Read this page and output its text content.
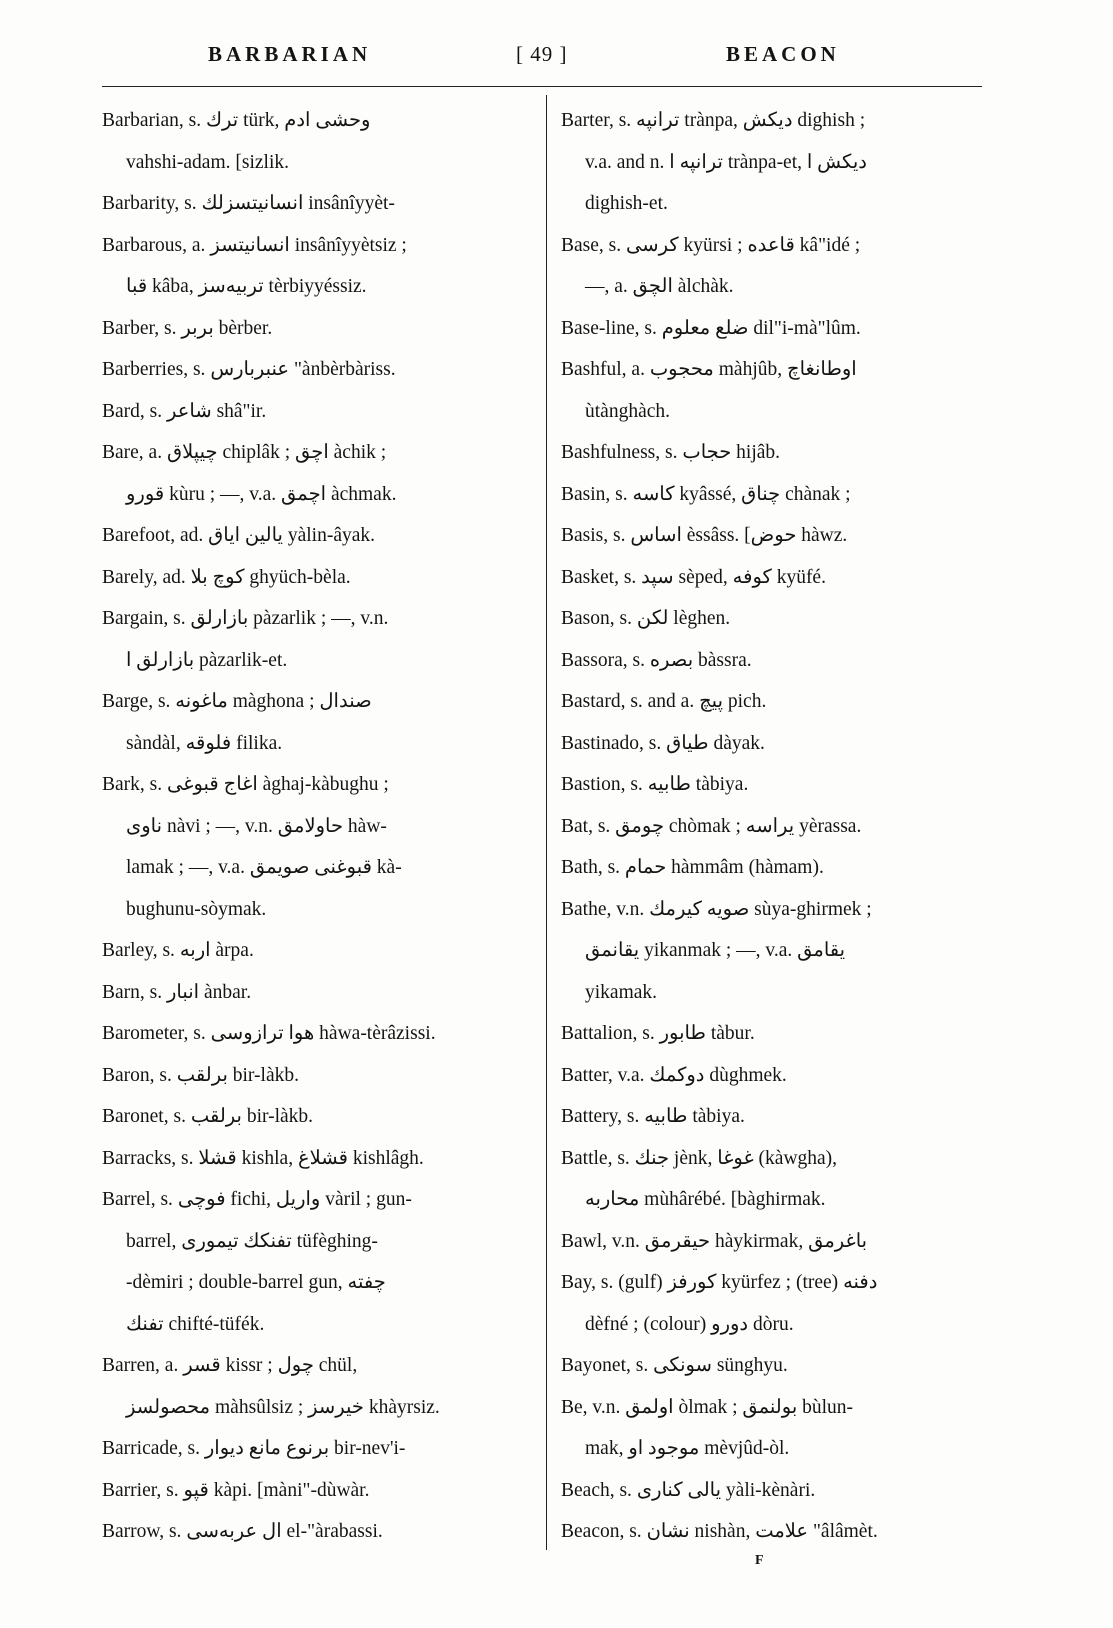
BARBARIAN	[ 49 ]	BEACON
Barbarian, s. ترك türk, وحشى ادم
vahshi-adam. [sizlik.
Barbarity, s. انسانيتسزلك insânîyyèt-
Barbarous, a. انسانيتسز insânîyyètsiz ;
قبا kâba, تربيه‌سز tèrbiyyéssiz.
Barber, s. بربر bèrber.
Barberries, s. عنبربارس "ànbèrbàriss.
Bard, s. شاعر shâ"ir.
Bare, a. چيپلاق chiplâk ; اچق àchik ;
قورو kùru ; —, v.a. اچمق àchmak.
Barefoot, ad. يالين اياق yàlin-âyak.
Barely, ad. كوچ بلا ghyüch-bèla.
Bargain, s. بازارلق pàzarlik ; —, v.n.
بازارلق ا pàzarlik-et.
Barge, s. ماغونه màghona ; صندال
sàndàl, فلوقه filika.
Bark, s. اغاج قبوغى àghaj-kàbughu ;
ناوى nàvi ; —, v.n. حاولامق hàw-
lamak ; —, v.a. قبوغنى صويمق kà-
bughunu-sòymak.
Barley, s. اربه àrpa.
Barn, s. انبار ànbar.
Barometer, s. هوا ترازوسى hàwa-tèrâzissi.
Baron, s. برلقب bir-làkb.
Baronet, s. برلقب bir-làkb.
Barracks, s. قشلا kishla, قشلاغ kishlâgh.
Barrel, s. فوچى fichi, واريل vàril ; gun-
barrel, تفنكك تيمورى tüfèghing-
-dèmiri ; double-barrel gun, چفته
تفنك chifté-tüfék.
Barren, a. قسر kissr ; چول chül,
محصولسز màhsûlsiz ; خيرسز khàyrsiz.
Barricade, s. برنوع مانع ديوار bir-nev'i-
Barrier, s. قپو kàpi. [màni"-dùwàr.
Barrow, s. ال عربه‌سى el-"àrabassi.
Barter, s. ترانپه trànpa, ديكش dighish ;
v.a. and n. ترانپه ا trànpa-et, ديكش ا
dighish-et.
Base, s. كرسى kyürsi ; قاعده kâ"idé ;
—, a. الچق àlchàk.
Base-line, s. ضلع معلوم dil"i-mà"lûm.
Bashful, a. محجوب màhjûb, اوطانغاچ
ùtànghàch.
Bashfulness, s. حجاب hijâb.
Basin, s. كاسه kyâssé, چناق chànak ;
Basis, s. اساس èssâss. [حوض hàwz.
Basket, s. سپد sèped, كوفه kyüfé.
Bason, s. لكن lèghen.
Bassora, s. بصره bàssra.
Bastard, s. and a. پيچ pich.
Bastinado, s. طياق dàyak.
Bastion, s. طابيه tàbiya.
Bat, s. چومق chòmak ; يراسه yèrassa.
Bath, s. حمام hàmmâm (hàmam).
Bathe, v.n. صويه كيرمك sùya-ghirmek ;
يقانمق yikanmak ; —, v.a. يقامق
yikamak.
Battalion, s. طابور tàbur.
Batter, v.a. دوكمك dùghmek.
Battery, s. طابيه tàbiya.
Battle, s. جنك jènk, غوغا (kàwgha),
محاربه mùhârébé. [bàghirmak.
Bawl, v.n. حيقرمق hàykirmak, باغرمق
Bay, s. (gulf) كورفز kyürfez ; (tree) دفنه
dèfné ; (colour) دورو dòru.
Bayonet, s. سونكى sünghyu.
Be, v.n. اولمق òlmak ; بولنمق bùlun-
mak, موجود او mèvjûd-òl.
Beach, s. يالى كنارى yàli-kènàri.
Beacon, s. نشان nishàn, علامت "âlâmèt.
F
